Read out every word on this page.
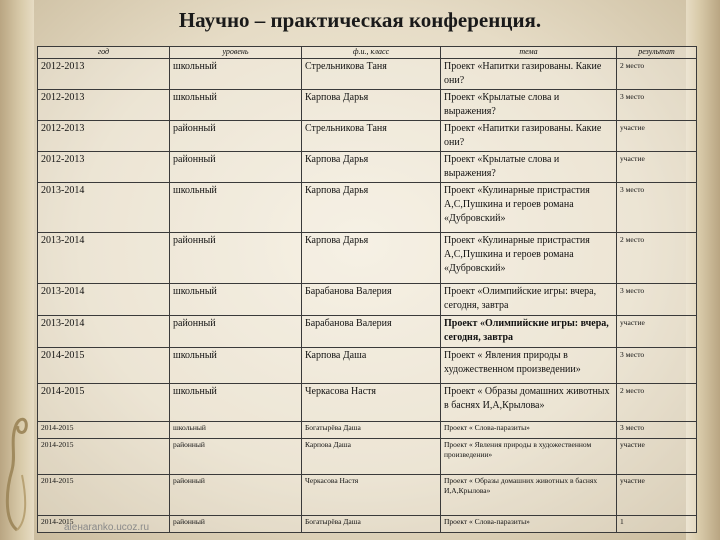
Научно – практическая конференция.
год	уровень	ф.и., класс	тема	результат
2012-2013	школьный	Стрельникова Таня	Проект «Напитки газированы. Какие они?	2 место
2012-2013	школьный	Карпова Дарья	Проект «Крылатые слова и выражения?	3 место
2012-2013	районный	Стрельникова Таня	Проект «Напитки газированы. Какие они?	участие
2012-2013	районный	Карпова Дарья	Проект «Крылатые слова и выражения?	участие
2013-2014	школьный	Карпова Дарья	Проект «Кулинарные пристрастия А,С,Пушкина и героев романа «Дубровский»	3 место
2013-2014	районный	Карпова Дарья	Проект «Кулинарные пристрастия А,С,Пушкина и героев романа «Дубровский»	2 место
2013-2014	школьный	Барабанова Валерия	Проект «Олимпийские игры: вчера, сегодня, завтра	3 место
2013-2014	районный	Барабанова Валерия	Проект «Олимпийские игры: вчера, сегодня, завтра	участие
2014-2015	школьный	Карпова Даша	Проект « Явления природы в художественном произведении»	3 место
2014-2015	школьный	Черкасова Настя	Проект « Образы домашних животных в баснях И,А,Крылова»	2 место
2014-2015	школьный	Богатырёва Даша	Проект « Слова-паразиты»	3 место
2014-2015	районный	Карпова Даша	Проект « Явления природы в художественном произведении»	участие
2014-2015	районный	Черкасова Настя	Проект « Образы домашних животных в баснях И,А,Крылова»	участие
2014-2015	районный	Богатырёва Даша	Проект « Слова-паразиты»	1
aleнaranko.ucoz.ru
